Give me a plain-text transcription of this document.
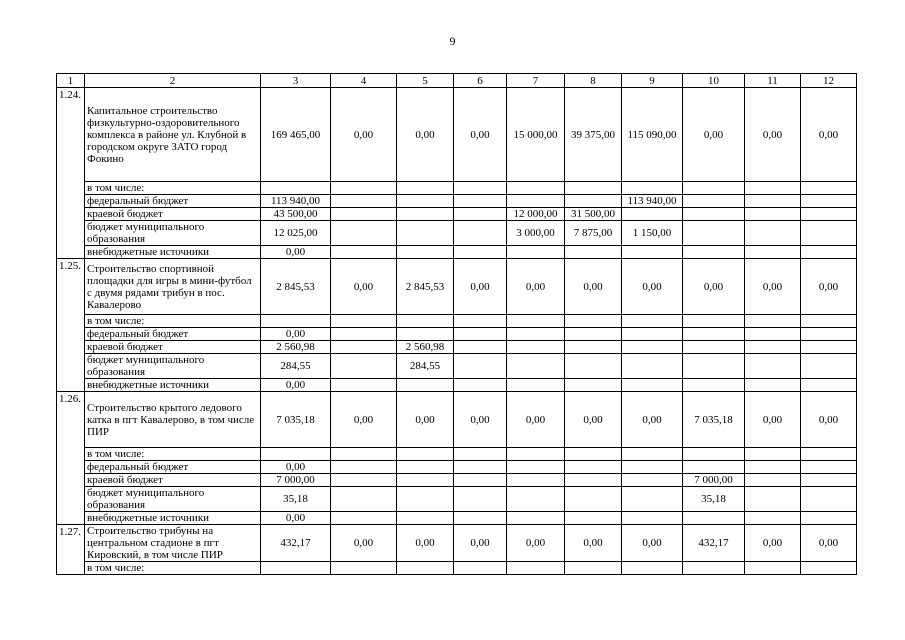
9
1	2	3	4	5	6	7	8	9	10	11	12
1.24.	Капитальное строительство физкультурно-оздоровительного комплекса в районе ул. Клубной в городском округе ЗАТО город Фокино	169 465,00	0,00	0,00	0,00	15 000,00	39 375,00	115 090,00	0,00	0,00	0,00
	в том числе:										
	федеральный бюджет	113 940,00						113 940,00			
	краевой бюджет	43 500,00				12 000,00	31 500,00				
	бюджет муниципального образования	12 025,00				3 000,00	7 875,00	1 150,00			
	внебюджетные источники	0,00									
1.25.	Строительство спортивной площадки для игры в мини-футбол с двумя рядами трибун в пос. Кавалерово	2 845,53	0,00	2 845,53	0,00	0,00	0,00	0,00	0,00	0,00	0,00
	в том числе:										
	федеральный бюджет	0,00									
	краевой бюджет	2 560,98		2 560,98							
	бюджет муниципального образования	284,55		284,55							
	внебюджетные источники	0,00									
1.26.	Строительство крытого ледового катка в пгт Кавалерово, в том числе ПИР	7 035,18	0,00	0,00	0,00	0,00	0,00	0,00	7 035,18	0,00	0,00
	в том числе:										
	федеральный бюджет	0,00									
	краевой бюджет	7 000,00							7 000,00		
	бюджет муниципального образования	35,18							35,18		
	внебюджетные источники	0,00									
1.27.	Строительство трибуны на центральном стадионе в пгт Кировский, в том числе ПИР	432,17	0,00	0,00	0,00	0,00	0,00	0,00	432,17	0,00	0,00
	в том числе:										
